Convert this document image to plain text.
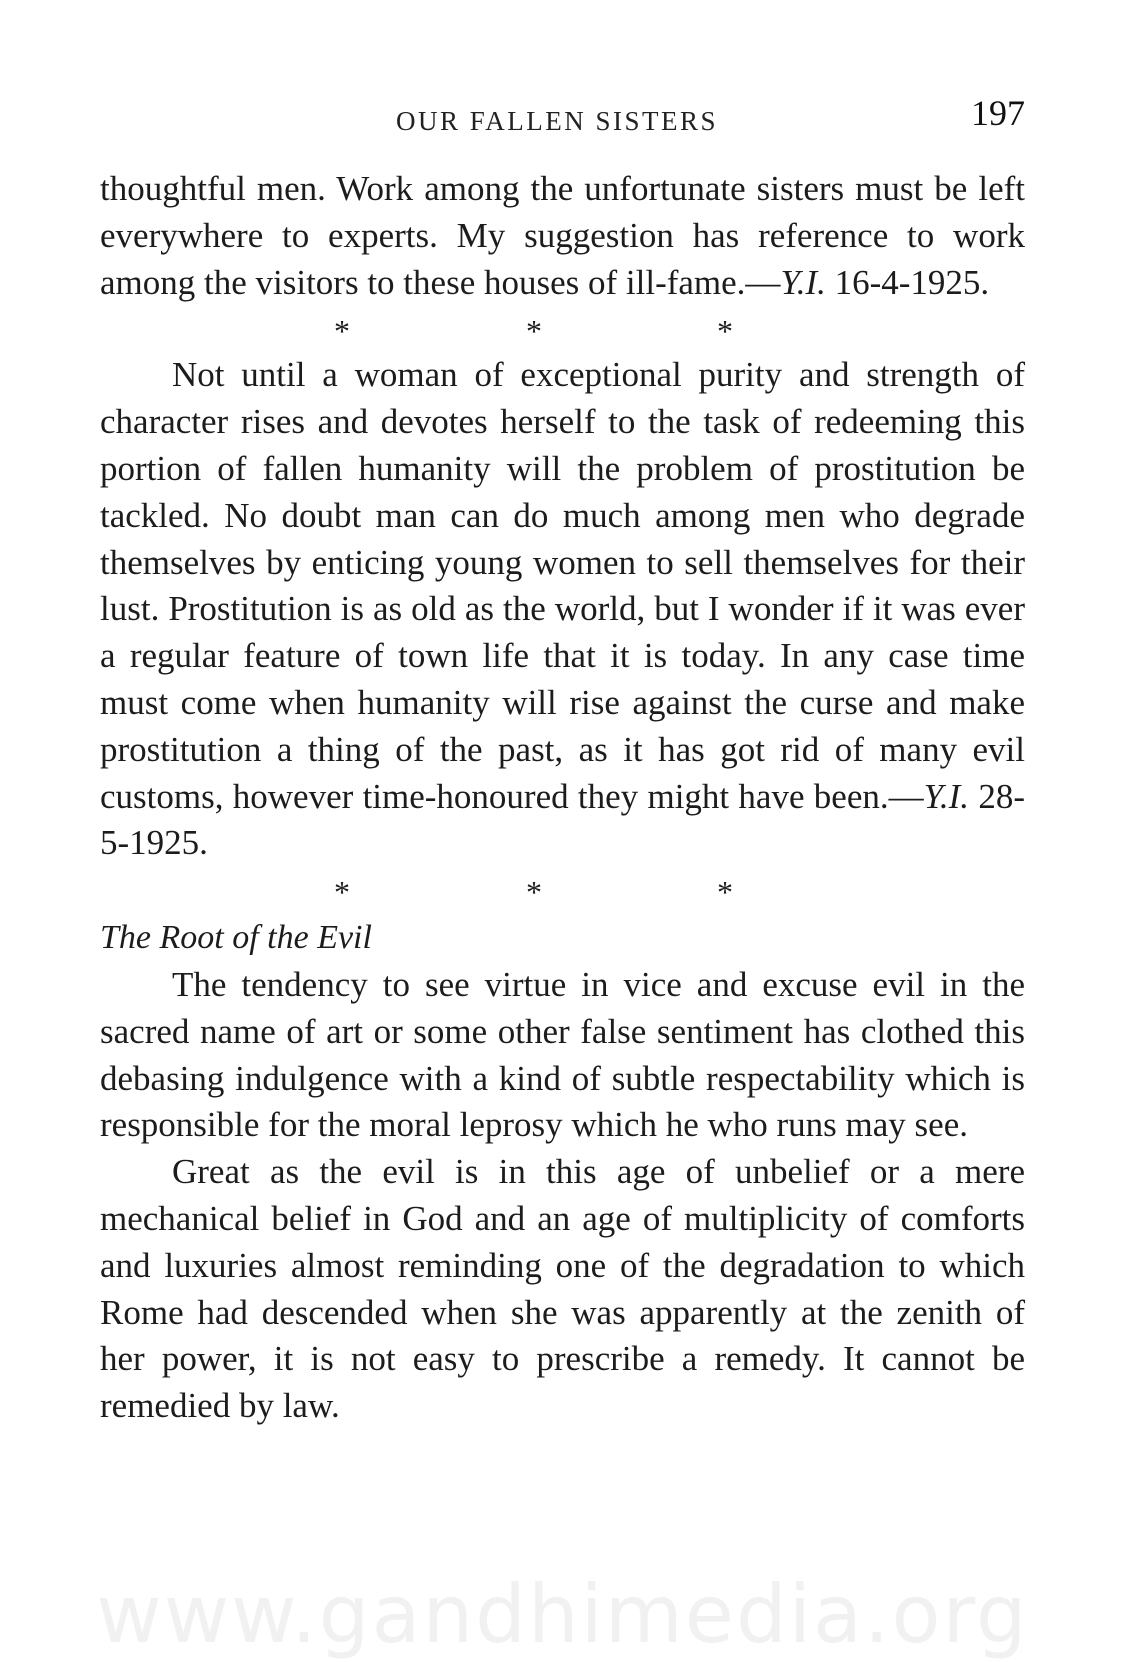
OUR FALLEN SISTERS	197

thoughtful men. Work among the unfortunate sisters must be left everywhere to experts. My suggestion has reference to work among the visitors to these houses of ill-fame.—Y.I. 16-4-1925.

*	*	*

Not until a woman of exceptional purity and strength of character rises and devotes herself to the task of redeeming this portion of fallen humanity will the problem of prostitution be tackled. No doubt man can do much among men who degrade themselves by enticing young women to sell themselves for their lust. Prostitution is as old as the world, but I wonder if it was ever a regular feature of town life that it is today. In any case time must come when humanity will rise against the curse and make prostitution a thing of the past, as it has got rid of many evil customs, however time-honoured they might have been.—Y.I. 28-5-1925.

*	*	*
The Root of the Evil

The tendency to see virtue in vice and excuse evil in the sacred name of art or some other false sentiment has clothed this debasing indulgence with a kind of subtle respectability which is responsible for the moral leprosy which he who runs may see.

Great as the evil is in this age of unbelief or a mere mechanical belief in God and an age of multiplicity of comforts and luxuries almost reminding one of the degradation to which Rome had descended when she was apparently at the zenith of her power, it is not easy to prescribe a remedy. It cannot be remedied by law.

www.gandhimedia.org
